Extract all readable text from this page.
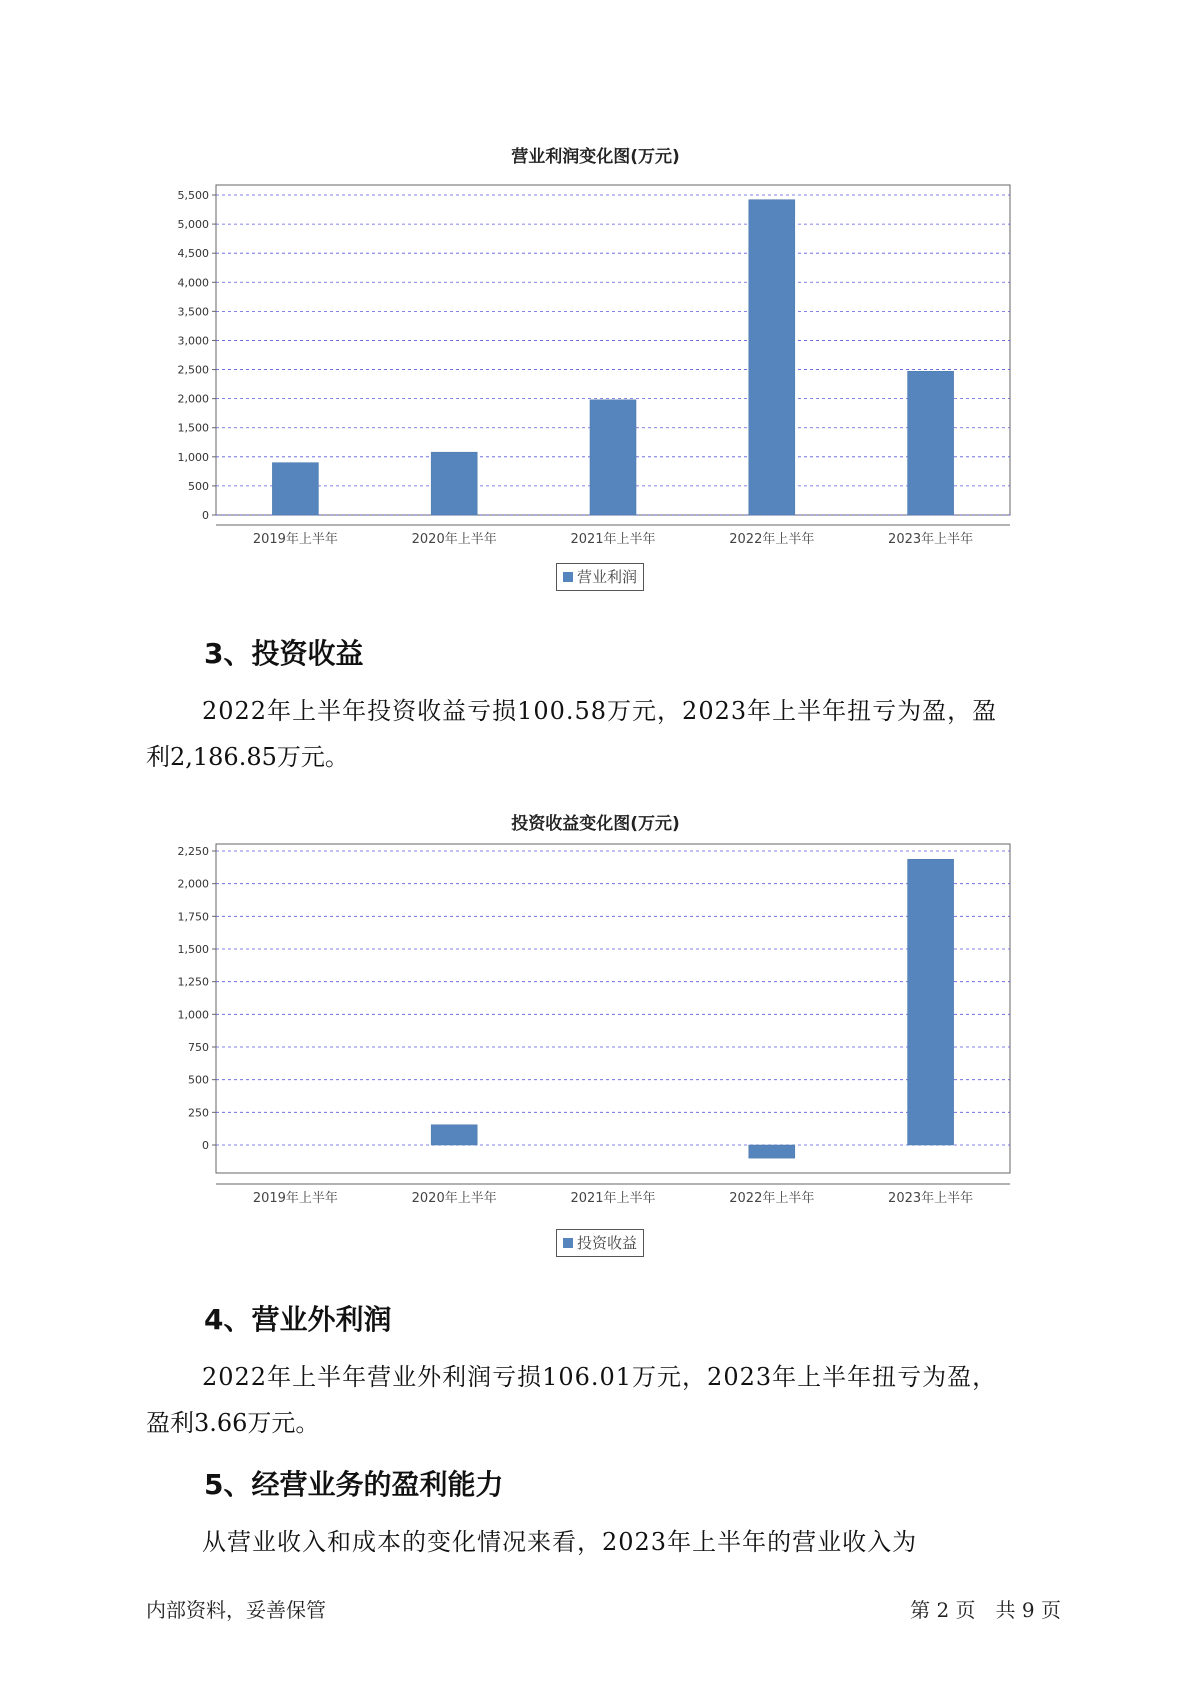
营业利润变化图(万元)
5,500
5,000
4,500
4,000
3,500
3,000
2,500
2,000
1,500
1,000
500
0
2019年上半年	2020年上半年	2021年上半年	2022年上半年	2023年上半年
营业利润
3、投资收益
2022年上半年投资收益亏损100.58万元，2023年上半年扭亏为盈，盈
利2,186.85万元。
投资收益变化图(万元)
2,250
2,000
1,750
1,500
1,250
1,000
750
500
250
0
2019年上半年	2020年上半年	2021年上半年	2022年上半年	2023年上半年
投资收益
4、营业外利润
2022年上半年营业外利润亏损106.01万元，2023年上半年扭亏为盈，
盈利3.66万元。
5、经营业务的盈利能力
从营业收入和成本的变化情况来看，2023年上半年的营业收入为
内部资料，妥善保管	第 2 页　共 9 页
